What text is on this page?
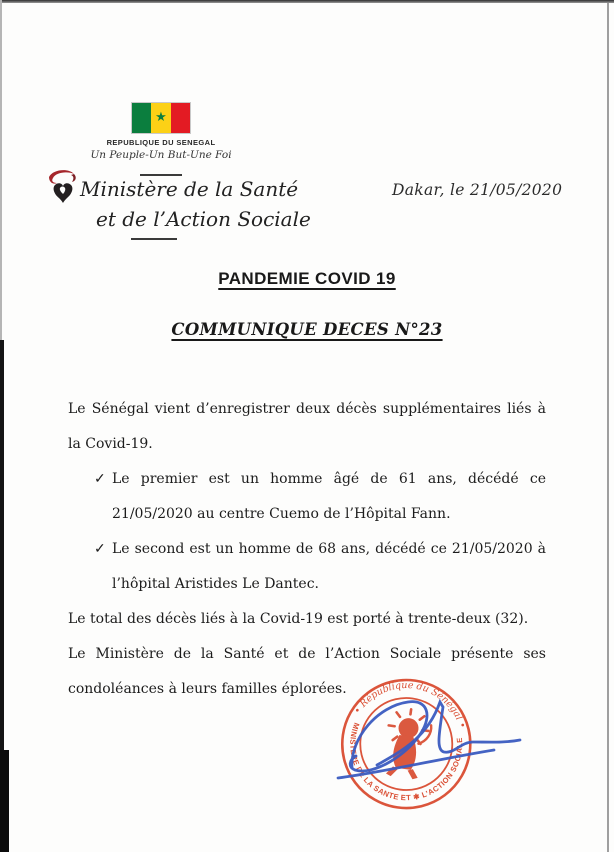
★
REPUBLIQUE DU SENEGAL
Un Peuple-Un But-Une Foi
Ministère de la Santé
et de l’Action Sociale
Dakar, le 21/05/2020
PANDEMIE COVID 19
COMMUNIQUE DECES N°23

Le Sénégal vient d’enregistrer deux décès supplémentaires liés à la Covid-19.

✓ Le premier est un homme âgé de 61 ans, décédé ce 21/05/2020 au centre Cuemo de l’Hôpital Fann.
✓ Le second est un homme de 68 ans, décédé ce 21/05/2020 à l’hôpital Aristides Le Dantec.

Le total des décès liés à la Covid-19 est porté à trente-deux (32).

Le Ministère de la Santé et de l’Action Sociale présente ses condoléances à leurs familles éplorées.

• République du Sénégal •
MINISTERE DE LA SANTE ET ✱ L’ACTION SOCIALE
